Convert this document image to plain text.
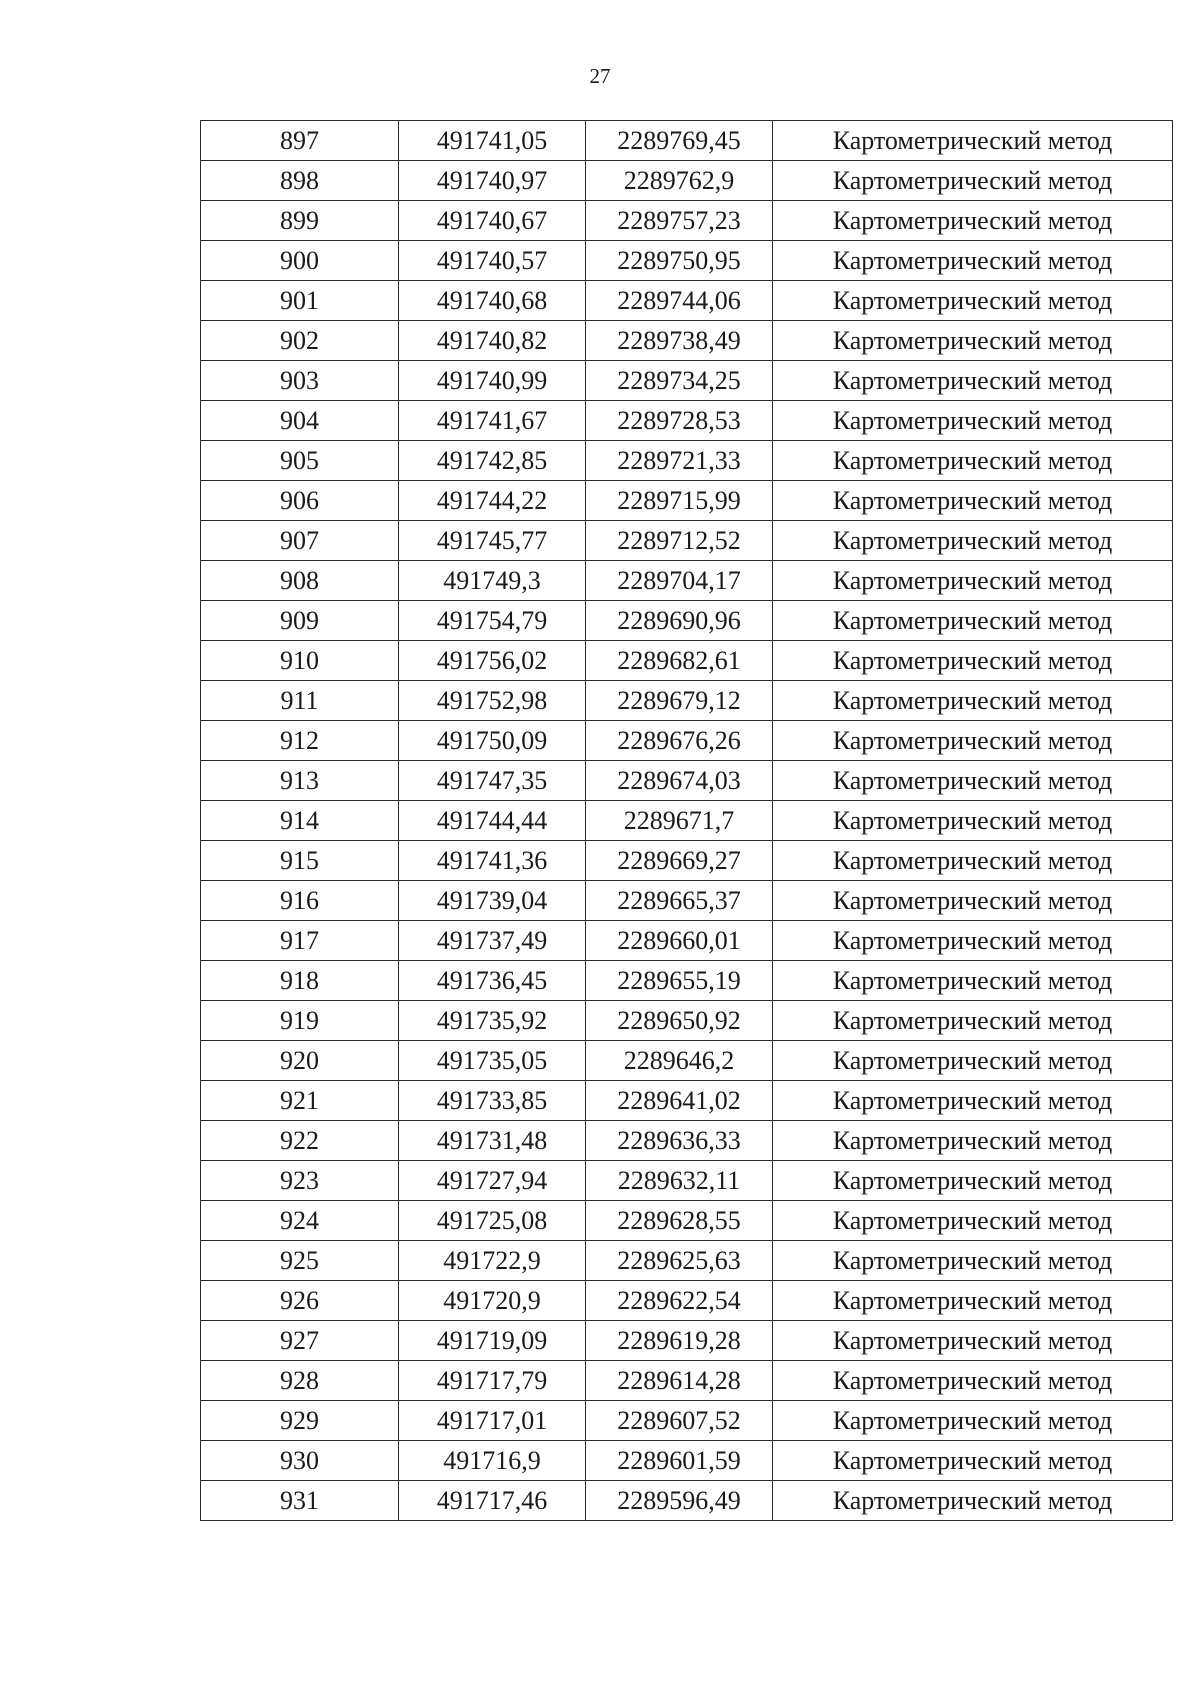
27
897	491741,05	2289769,45	Картометрический метод
898	491740,97	2289762,9	Картометрический метод
899	491740,67	2289757,23	Картометрический метод
900	491740,57	2289750,95	Картометрический метод
901	491740,68	2289744,06	Картометрический метод
902	491740,82	2289738,49	Картометрический метод
903	491740,99	2289734,25	Картометрический метод
904	491741,67	2289728,53	Картометрический метод
905	491742,85	2289721,33	Картометрический метод
906	491744,22	2289715,99	Картометрический метод
907	491745,77	2289712,52	Картометрический метод
908	491749,3	2289704,17	Картометрический метод
909	491754,79	2289690,96	Картометрический метод
910	491756,02	2289682,61	Картометрический метод
911	491752,98	2289679,12	Картометрический метод
912	491750,09	2289676,26	Картометрический метод
913	491747,35	2289674,03	Картометрический метод
914	491744,44	2289671,7	Картометрический метод
915	491741,36	2289669,27	Картометрический метод
916	491739,04	2289665,37	Картометрический метод
917	491737,49	2289660,01	Картометрический метод
918	491736,45	2289655,19	Картометрический метод
919	491735,92	2289650,92	Картометрический метод
920	491735,05	2289646,2	Картометрический метод
921	491733,85	2289641,02	Картометрический метод
922	491731,48	2289636,33	Картометрический метод
923	491727,94	2289632,11	Картометрический метод
924	491725,08	2289628,55	Картометрический метод
925	491722,9	2289625,63	Картометрический метод
926	491720,9	2289622,54	Картометрический метод
927	491719,09	2289619,28	Картометрический метод
928	491717,79	2289614,28	Картометрический метод
929	491717,01	2289607,52	Картометрический метод
930	491716,9	2289601,59	Картометрический метод
931	491717,46	2289596,49	Картометрический метод
